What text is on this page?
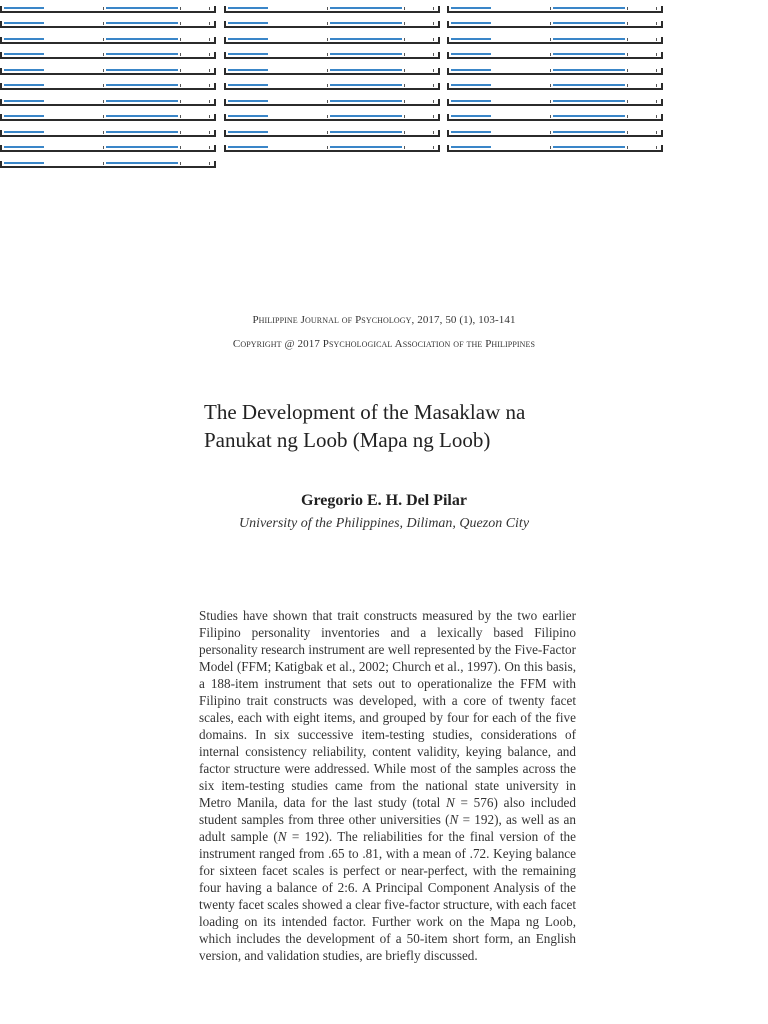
Philippine Journal of Psychology, 2017, 50 (1), 103-141
Copyright @ 2017 Psychological Association of the Philippines
The Development of the Masaklaw na
Panukat ng Loob (Mapa ng Loob)
Gregorio E. H. Del Pilar
University of the Philippines, Diliman, Quezon City

Studies have shown that trait constructs measured by the two earlier Filipino personality inventories and a lexically based Filipino personality research instrument are well represented by the Five-Factor Model (FFM; Katigbak et al., 2002; Church et al., 1997). On this basis, a 188-item instrument that sets out to operationalize the FFM with Filipino trait constructs was developed, with a core of twenty facet scales, each with eight items, and grouped by four for each of the five domains. In six successive item-testing studies, considerations of internal consistency reliability, content validity, keying balance, and factor structure were addressed. While most of the samples across the six item-testing studies came from the national state university in Metro Manila, data for the last study (total N = 576) also included student samples from three other universities (N = 192), as well as an adult sample (N = 192). The reliabilities for the final version of the instrument ranged from .65 to .81, with a mean of .72. Keying balance for sixteen facet scales is perfect or near-perfect, with the remaining four having a balance of 2:6. A Principal Component Analysis of the twenty facet scales showed a clear five-factor structure, with each facet loading on its intended factor. Further work on the Mapa ng Loob, which includes the development of a 50-item short form, an English version, and validation studies, are briefly discussed.
